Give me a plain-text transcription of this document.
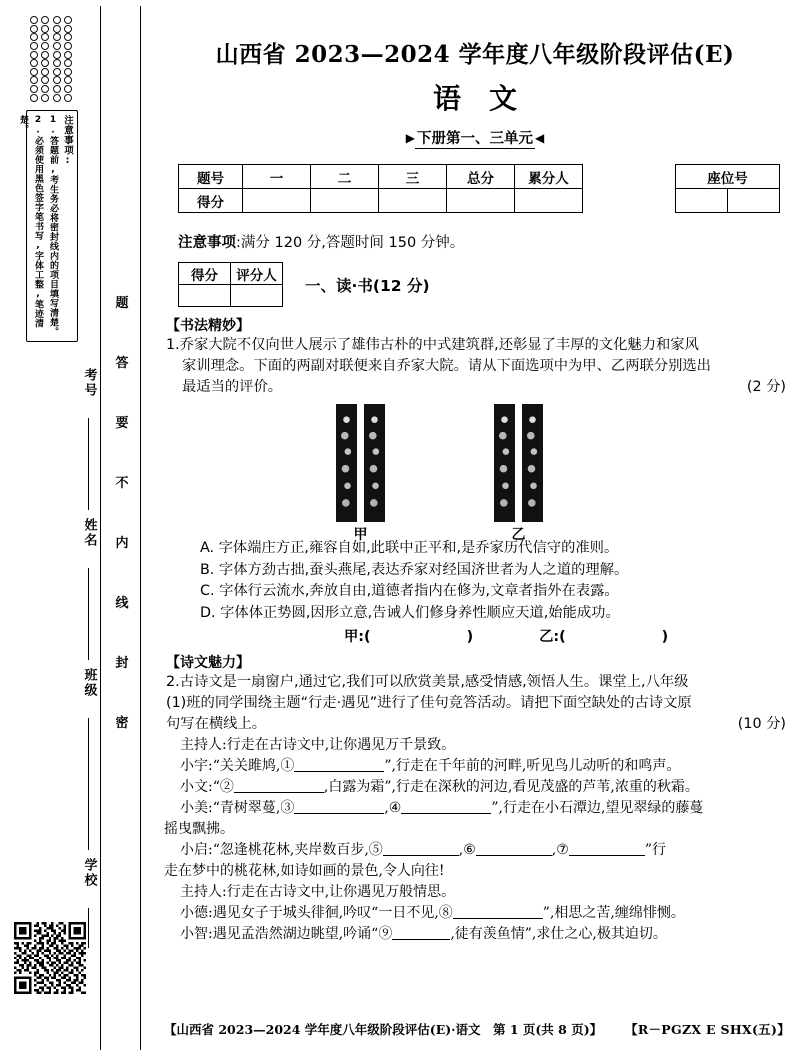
注意事项:
1.答题前,考生务必将密封线内的项目填写清楚。
2.必须使用黑色签字笔书写,字体工整,笔迹清楚。
考号
姓名
班级
学校
题
答
要
不
内
线
封
密
山西省 2023—2024 学年度八年级阶段评估(E)
语文
▶ 下册第一、三单元 ◀
题号	一	二	三	总分	累分人
得分					
座位号

注意事项:满分 120 分,答题时间 150 分钟。
得分	评分人

一、读·书(12 分)
【书法精妙】
1.乔家大院不仅向世人展示了雄伟古朴的中式建筑群,还彰显了丰厚的文化魅力和家风
家训理念。下面的两副对联便来自乔家大院。请从下面选项中为甲、乙两联分别选出
(2 分)
最适当的评价。
甲	乙
A. 字体端庄方正,雍容自如,此联中正平和,是乔家历代信守的准则。
B. 字体方劲古拙,蚕头燕尾,表达乔家对经国济世者为人之道的理解。
C. 字体行云流水,奔放自由,道德者指内在修为,文章者指外在表露。
D. 字体体正势圆,因形立意,告诫人们修身养性顺应天道,始能成功。
甲:(	)	乙:(	)
【诗文魅力】
2.古诗文是一扇窗户,通过它,我们可以欣赏美景,感受情感,领悟人生。课堂上,八年级
(1)班的同学围绕主题“行走·遇见”进行了佳句竞答活动。请把下面空缺处的古诗文原
(10 分)
句写在横线上。

主持人:行走在古诗文中,让你遇见万千景致。

小宇:“关关雎鸠,①	”,行走在千年前的河畔,听见鸟儿动听的和鸣声。

小文:“②	,白露为霜”,行走在深秋的河边,看见茂盛的芦苇,浓重的秋霜。

小美:“青树翠蔓,③	,④	”,行走在小石潭边,望见翠绿的藤蔓

摇曳飘拂。

小启:“忽逢桃花林,夹岸数百步,⑤	,⑥	,⑦	”行

走在梦中的桃花林,如诗如画的景色,令人向往!

主持人:行走在古诗文中,让你遇见万般情思。

小德:遇见女子于城头徘徊,吟叹“一日不见,⑧	”,相思之苦,缠绵悱恻。

小智:遇见孟浩然湖边眺望,吟诵“⑨	,徒有羡鱼情”,求仕之心,极其迫切。

【山西省 2023—2024 学年度八年级阶段评估(E)·语文　第 1 页(共 8 页)】 【R－PGZX E SHX(五)】
